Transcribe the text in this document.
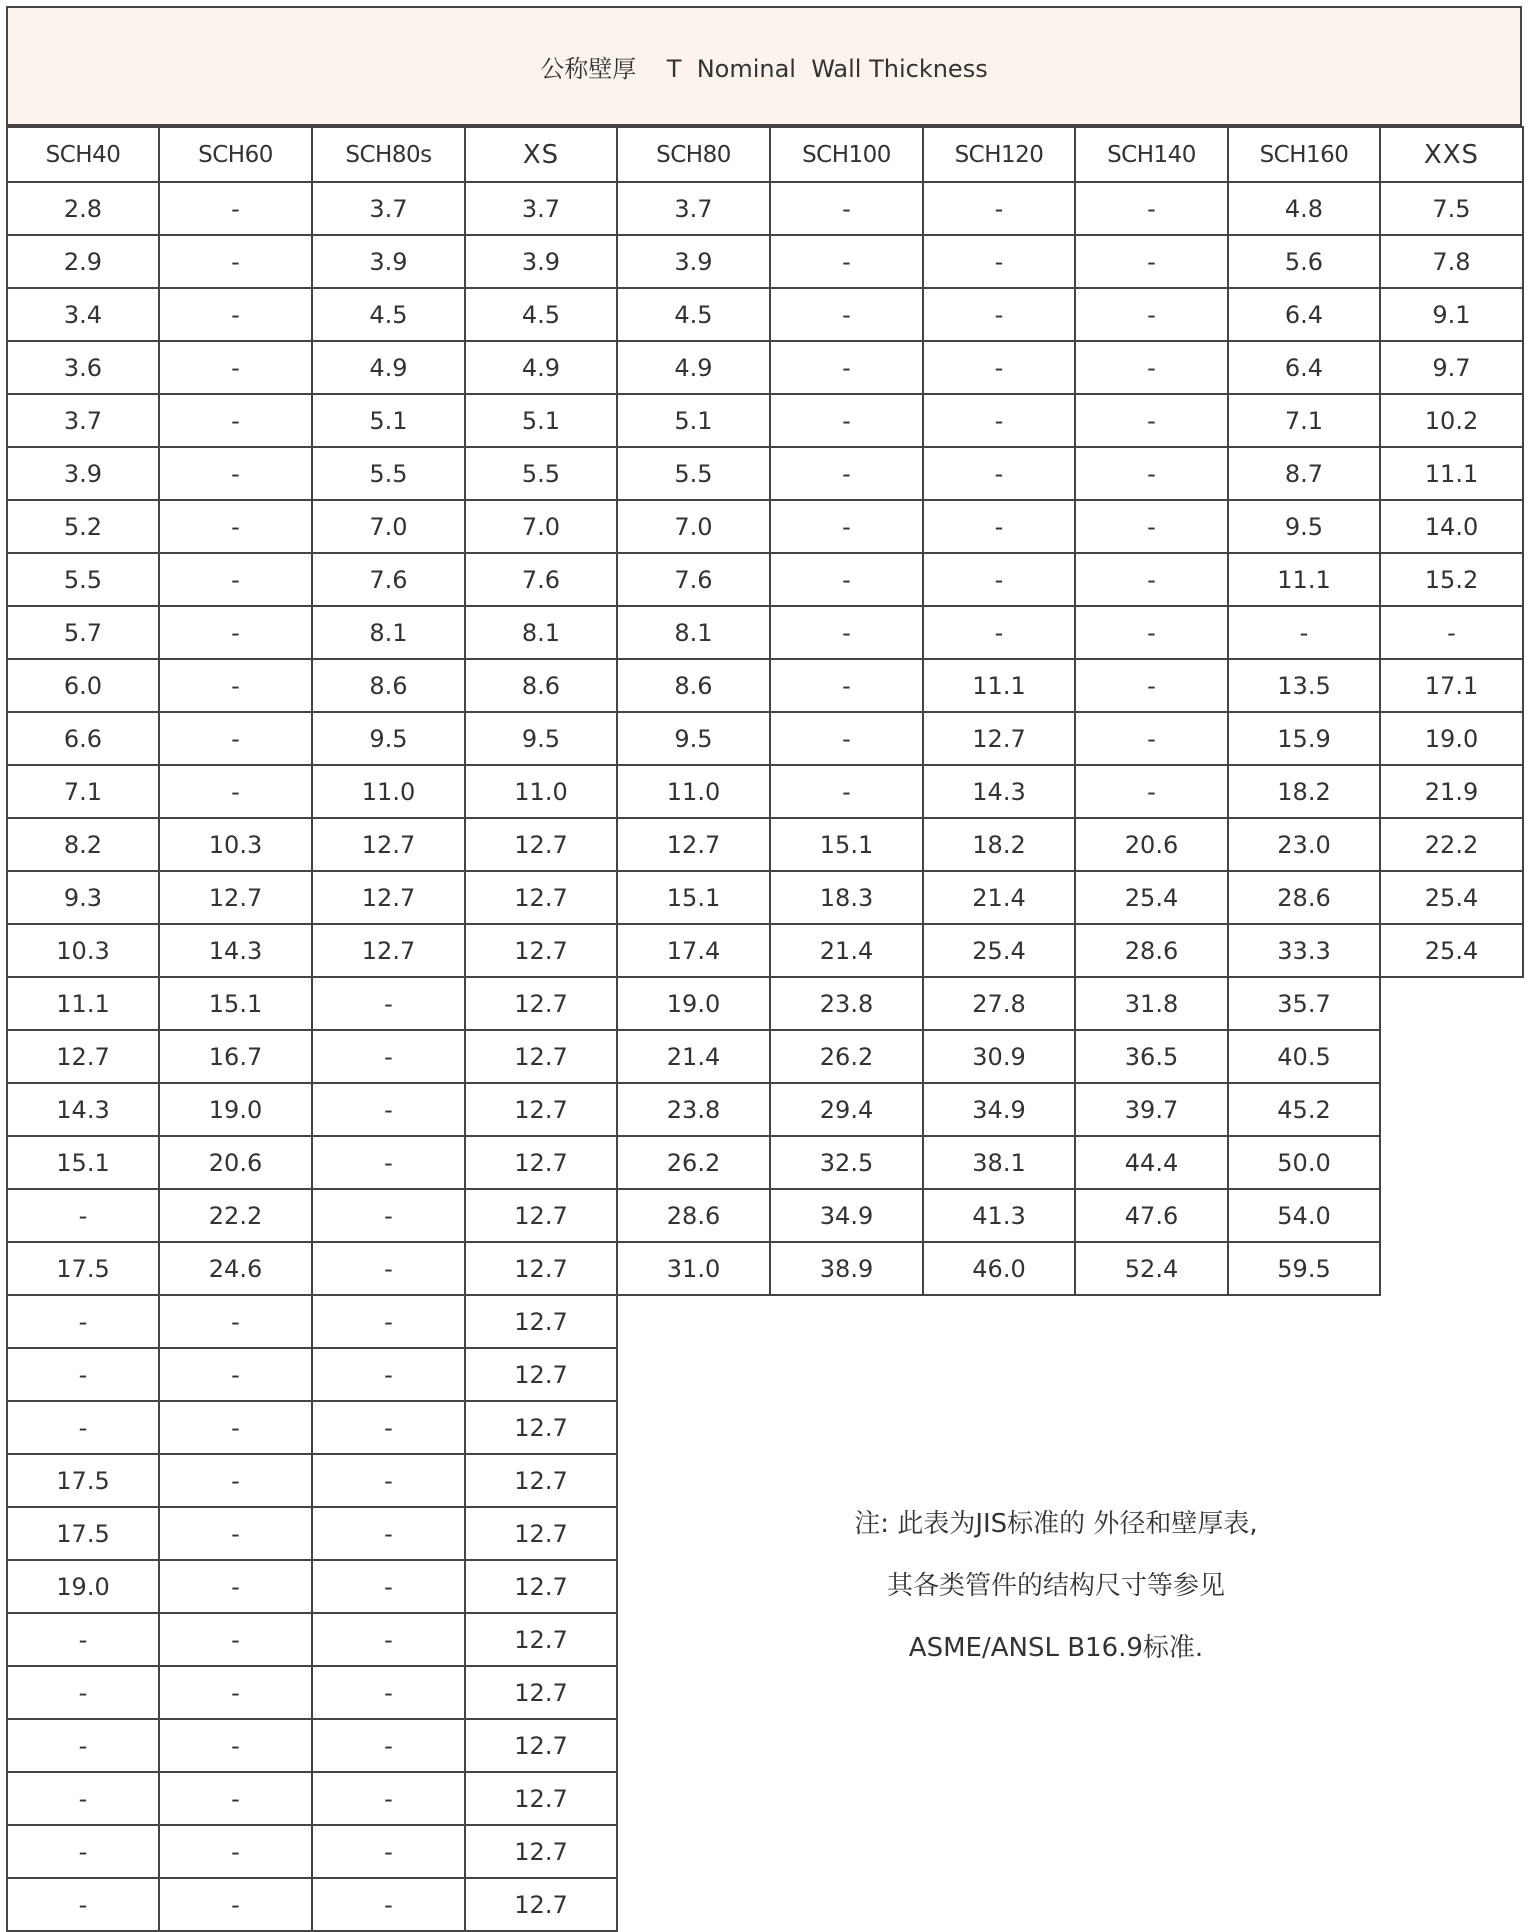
公称壁厚    T  Nominal  Wall Thickness
SCH40	SCH60	SCH80s	XS	SCH80	SCH100	SCH120	SCH140	SCH160	XXS
2.8	-	3.7	3.7	3.7	-	-	-	4.8	7.5
2.9	-	3.9	3.9	3.9	-	-	-	5.6	7.8
3.4	-	4.5	4.5	4.5	-	-	-	6.4	9.1
3.6	-	4.9	4.9	4.9	-	-	-	6.4	9.7
3.7	-	5.1	5.1	5.1	-	-	-	7.1	10.2
3.9	-	5.5	5.5	5.5	-	-	-	8.7	11.1
5.2	-	7.0	7.0	7.0	-	-	-	9.5	14.0
5.5	-	7.6	7.6	7.6	-	-	-	11.1	15.2
5.7	-	8.1	8.1	8.1	-	-	-	-	-
6.0	-	8.6	8.6	8.6	-	11.1	-	13.5	17.1
6.6	-	9.5	9.5	9.5	-	12.7	-	15.9	19.0
7.1	-	11.0	11.0	11.0	-	14.3	-	18.2	21.9
8.2	10.3	12.7	12.7	12.7	15.1	18.2	20.6	23.0	22.2
9.3	12.7	12.7	12.7	15.1	18.3	21.4	25.4	28.6	25.4
10.3	14.3	12.7	12.7	17.4	21.4	25.4	28.6	33.3	25.4
11.1	15.1	-	12.7	19.0	23.8	27.8	31.8	35.7
12.7	16.7	-	12.7	21.4	26.2	30.9	36.5	40.5
14.3	19.0	-	12.7	23.8	29.4	34.9	39.7	45.2
15.1	20.6	-	12.7	26.2	32.5	38.1	44.4	50.0
-	22.2	-	12.7	28.6	34.9	41.3	47.6	54.0
17.5	24.6	-	12.7	31.0	38.9	46.0	52.4	59.5
-	-	-	12.7
-	-	-	12.7
-	-	-	12.7
17.5	-	-	12.7
17.5	-	-	12.7
19.0	-	-	12.7
-	-	-	12.7
-	-	-	12.7
-	-	-	12.7
-	-	-	12.7
-	-	-	12.7
-	-	-	12.7
注: 此表为JIS标准的 外径和壁厚表,
其各类管件的结构尺寸等参见
ASME/ANSL B16.9标准.
